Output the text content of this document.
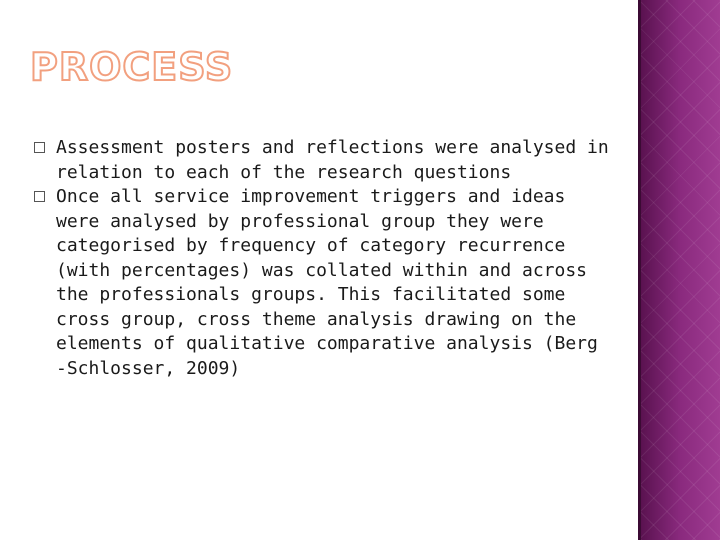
PROCESS

Assessment posters and reflections were analysed in relation to each of the research questions

Once all service improvement triggers and ideas were analysed by professional group they were categorised by frequency of category recurrence (with percentages) was collated within and across the professionals groups. This facilitated some cross group, cross theme analysis drawing on the elements of qualitative comparative analysis (Berg -Schlosser, 2009)
